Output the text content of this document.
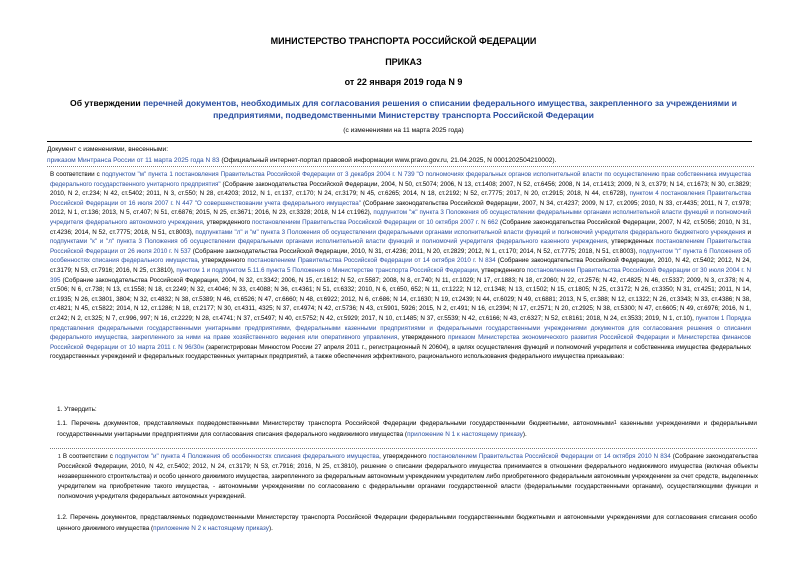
МИНИСТЕРСТВО ТРАНСПОРТА РОССИЙСКОЙ ФЕДЕРАЦИИ
ПРИКАЗ
от 22 января 2019 года N 9
Об утверждении перечней документов, необходимых для согласования решения о списании федерального имущества, закрепленного за учреждениями и предприятиями, подведомственными Министерству транспорта Российской Федерации
(с изменениями на 11 марта 2025 года)
Документ с изменениями, внесенными:
приказом Минтранса России от 11 марта 2025 года N 83 (Официальный интернет-портал правовой информации www.pravo.gov.ru, 21.04.2025, N 0001202504210002).

В соответствии с подпунктом "м" пункта 1 постановления Правительства Российской Федерации от 3 декабря 2004 г. N 739 "О полномочиях федеральных органов исполнительной власти по осуществлению прав собственника имущества федерального государственного унитарного предприятия" (Собрание законодательства Российской Федерации, 2004, N 50, ст.5074; 2006, N 13, ст.1408; 2007, N 52, ст.6456; 2008, N 14, ст.1413; 2009, N 3, ст.379; N 14, ст.1673; N 30, ст.3829; 2010, N 2, ст.234; N 42, ст.5402; 2011, N 3, ст.550; N 28, ст.4203; 2012, N 1, ст.137, ст.170; N 24, ст.3179; N 45, ст.6265; 2014, N 18, ст.2192; N 52, ст.7775; 2017, N 20, ст.2915; 2018, N 44, ст.6728), пунктом 4 постановления Правительства Российской Федерации от 16 июля 2007 г. N 447 "О совершенствовании учета федерального имущества" (Собрание законодательства Российской Федерации, 2007, N 34, ст.4237; 2009, N 17, ст.2095; 2010, N 33, ст.4435; 2011, N 7, ст.978; 2012, N 1, ст.136; 2013, N 5, ст.407; N 51, ст.6876; 2015, N 25, ст.3671; 2016, N 23, ст.3328; 2018, N 14 ст.1962), подпунктом "ж" пункта 3 Положения об осуществлении федеральными органами исполнительной власти функций и полномочий учредителя федерального автономного учреждения, утвержденного постановлением Правительства Российской Федерации от 10 октября 2007 г. N 662 (Собрание законодательства Российской Федерации, 2007, N 42, ст.5056; 2010, N 31, ст.4236; 2014, N 52, ст.7775; 2018, N 51, ст.8003), подпунктами "л" и "м" пункта 3 Положения об осуществлении федеральными органами исполнительной власти функций и полномочий учредителя федерального бюджетного учреждения и подпунктами "к" и "л" пункта 3 Положения об осуществлении федеральными органами исполнительной власти функций и полномочий учредителя федерального казенного учреждения, утвержденных постановлением Правительства Российской Федерации от 26 июля 2010 г. N 537 (Собрание законодательства Российской Федерации, 2010, N 31, ст.4236; 2011, N 20, ст.2829; 2012, N 1, ст.170; 2014, N 52, ст.7775; 2018, N 51, ст.8003), подпунктом "г" пункта 6 Положения об особенностях списания федерального имущества, утвержденного постановлением Правительства Российской Федерации от 14 октября 2010 г. N 834 (Собрание законодательства Российской Федерации, 2010, N 42, ст.5402; 2012, N 24, ст.3179; N 53, ст.7916; 2016, N 25, ст.3810), пунктом 1 и подпунктом 5.11.6 пункта 5 Положения о Министерстве транспорта Российской Федерации, утвержденного постановлением Правительства Российской Федерации от 30 июля 2004 г. N 395 (Собрание законодательства Российской Федерации, 2004, N 32, ст.3342; 2006, N 15, ст.1612; N 52, ст.5587; 2008, N 8, ст.740; N 11, ст.1029; N 17, ст.1883; N 18, ст.2060; N 22, ст.2576; N 42, ст.4825; N 46, ст.5337; 2009, N 3, ст.378; N 4, ст.506; N 6, ст.738; N 13, ст.1558; N 18, ст.2249; N 32, ст.4046; N 33, ст.4088; N 36, ст.4361; N 51, ст.6332; 2010, N 6, ст.650, 652; N 11, ст.1222; N 12, ст.1348; N 13, ст.1502; N 15, ст.1805; N 25, ст.3172; N 26, ст.3350; N 31, ст.4251; 2011, N 14, ст.1935; N 26, ст.3801, 3804; N 32, ст.4832; N 38, ст.5389; N 46, ст.6526; N 47, ст.6660; N 48, ст.6922; 2012, N 6, ст.686; N 14, ст.1630; N 19, ст.2439; N 44, ст.6029; N 49, ст.6881; 2013, N 5, ст.388; N 12, ст.1322; N 26, ст.3343; N 33, ст.4386; N 38, ст.4821; N 45, ст.5822; 2014, N 12, ст.1286; N 18, ст.2177; N 30, ст.4311, 4325; N 37, ст.4974; N 42, ст.5736; N 43, ст.5901, 5926; 2015, N 2, ст.491; N 16, ст.2394; N 17, ст.2571; N 20, ст.2925; N 38, ст.5300; N 47, ст.6605; N 49, ст.6976; 2016, N 1, ст.242; N 2, ст.325; N 7, ст.996, 997; N 16, ст.2229; N 28, ст.4741; N 37, ст.5497; N 40, ст.5752; N 42, ст.5929; 2017, N 10, ст.1485; N 37, ст.5539; N 42, ст.6166; N 43, ст.6327; N 52, ст.8161; 2018, N 24, ст.3533; 2019, N 1, ст.10), пунктом 1 Порядка представления федеральными государственными унитарными предприятиями, федеральными казенными предприятиями и федеральными государственными учреждениями документов для согласования решения о списании федерального имущества, закрепленного за ними на праве хозяйственного ведения или оперативного управления, утвержденного приказом Министерства экономического развития Российской Федерации и Министерства финансов Российской Федерации от 10 марта 2011 г. N 96/30н (зарегистрирован Минюстом России 27 апреля 2011 г., регистрационный N 20604), в целях осуществления функций и полномочий учредителя и собственника имущества федеральных государственных учреждений и федеральных государственных унитарных предприятий, а также обеспечения эффективного, рационального использования федерального имущества приказываю:

1. Утвердить:
1.1. Перечень документов, представляемых подведомственными Министерству транспорта Российской Федерации федеральными государственными бюджетными, автономными$^1$ казенными учреждениями и федеральными государственными унитарными предприятиями для согласования списания федерального недвижимого имущества (приложение N 1 к настоящему приказу).
$^1$ В соответствии с подпунктом "и" пункта 4 Положения об особенностях списания федерального имущества, утвержденного постановлением Правительства Российской Федерации от 14 октября 2010 N 834 (Собрание законодательства Российской Федерации, 2010, N 42, ст.5402; 2012, N 24, ст.3179; N 53, ст.7916; 2016, N 25, ст.3810), решение о списании федерального имущества принимается в отношении федерального недвижимого имущества (включая объекты незавершенного строительства) и особо ценного движимого имущества, закрепленного за федеральным автономным учреждением учредителем либо приобретенного федеральным автономным учреждением за счет средств, выделенных учредителем на приобретение такого имущества, - автономными учреждениями по согласованию с федеральными органами государственной власти (федеральными государственными органами), осуществляющими функции и полномочия учредителя федеральных автономных учреждений.
1.2. Перечень документов, представляемых подведомственными Министерству транспорта Российской Федерации федеральными государственными бюджетными и автономными учреждениями для согласования списания особо ценного движимого имущества (приложение N 2 к настоящему приказу).
